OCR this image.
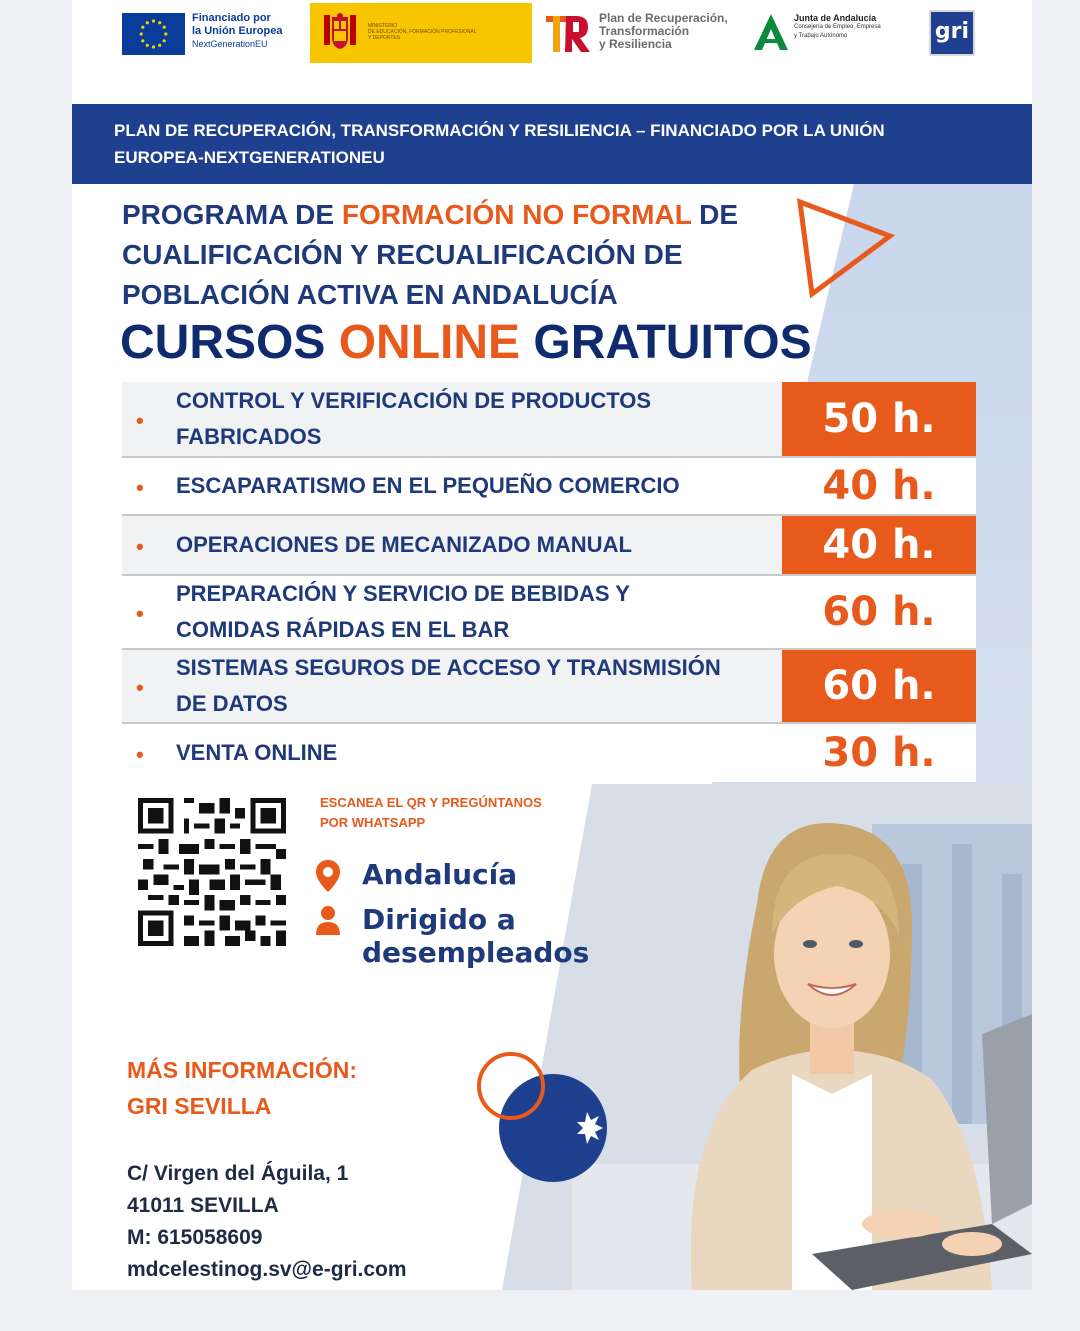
Financiado por
la Unión Europea
NextGenerationEU
MINISTERIO
DE EDUCACIÓN, FORMACIÓN PROFESIONAL
Y DEPORTES
Plan de Recuperación,
Transformación
y Resiliencia
Junta de Andalucía
Consejería de Empleo, Empresa
y Trabajo Autónomo	gri
PLAN DE RECUPERACIÓN, TRANSFORMACIÓN Y RESILIENCIA – FINANCIADO POR LA UNIÓN
EUROPEA-NEXTGENERATIONEU
PROGRAMA DE FORMACIÓN NO FORMAL DE
CUALIFICACIÓN Y RECUALIFICACIÓN DE
POBLACIÓN ACTIVA EN ANDALUCÍA
CURSOS ONLINE GRATUITOS
•
CONTROL Y VERIFICACIÓN DE PRODUCTOS
FABRICADOS	50 h.
• ESCAPARATISMO EN EL PEQUEÑO COMERCIO	40 h.
• OPERACIONES DE MECANIZADO MANUAL	40 h.
•
PREPARACIÓN Y SERVICIO DE BEBIDAS Y
COMIDAS RÁPIDAS EN EL BAR	60 h.
•
SISTEMAS SEGUROS DE ACCESO Y TRANSMISIÓN
DE DATOS	60 h.
• VENTA ONLINE	30 h.
ESCANEA EL QR Y PREGÚNTANOS
POR WHATSAPP
Andalucía
Dirigido a
desempleados
MÁS INFORMACIÓN:
GRI SEVILLA
C/ Virgen del Águila, 1
41011 SEVILLA
M: 615058609
mdcelestinog.sv@e-gri.com
